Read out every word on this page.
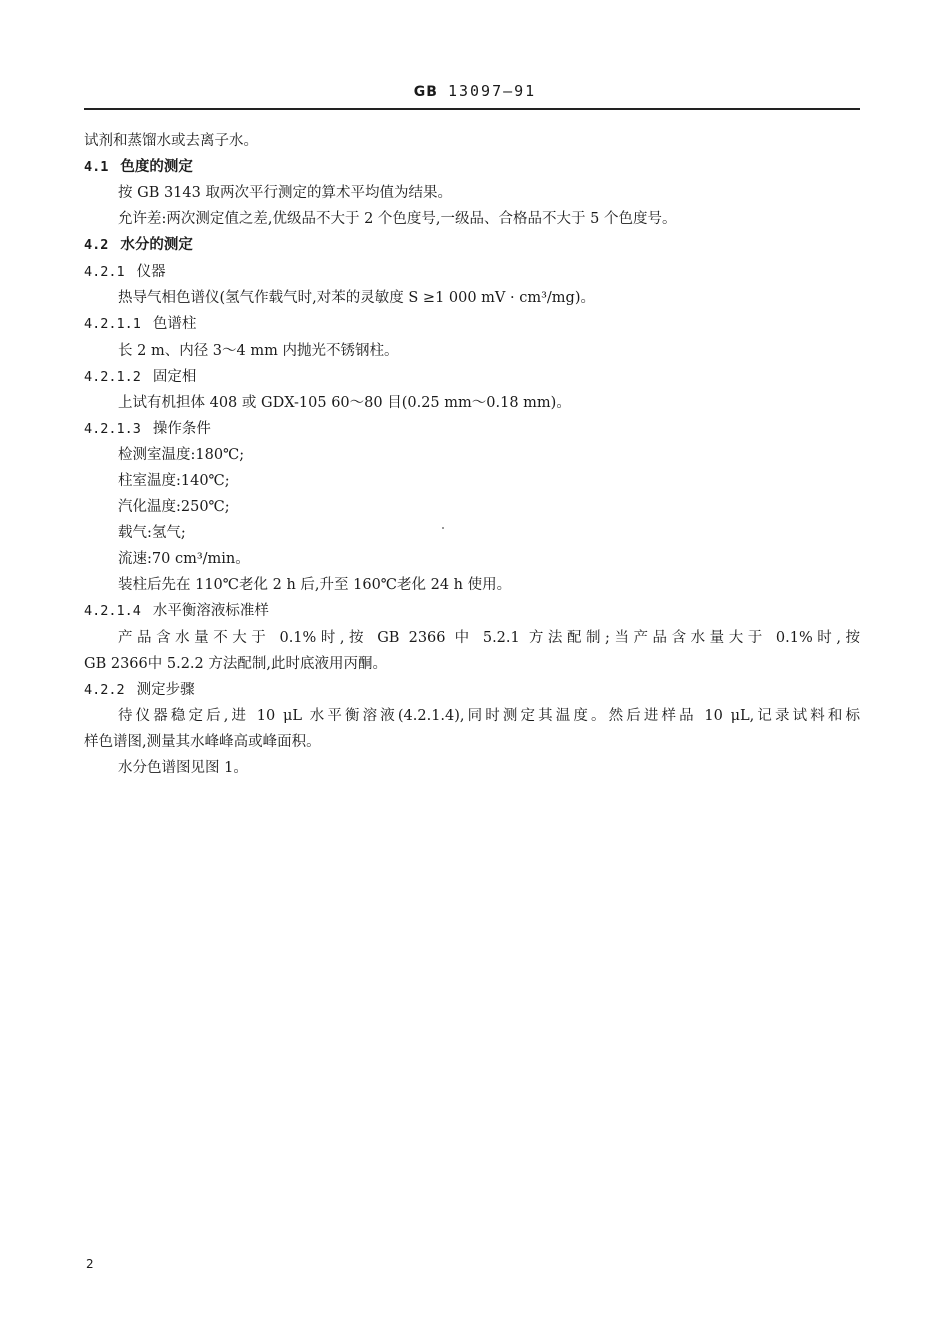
GB 13097—91
试剂和蒸馏水或去离子水。
4.1 色度的测定
按 GB 3143 取两次平行测定的算术平均值为结果。
允许差:两次测定值之差,优级品不大于 2 个色度号,一级品、合格品不大于 5 个色度号。
4.2 水分的测定
4.2.1 仪器
热导气相色谱仪(氢气作载气时,对苯的灵敏度 S ≥1 000 mV · cm³/mg)。
4.2.1.1 色谱柱
长 2 m、内径 3～4 mm 内抛光不锈钢柱。
4.2.1.2 固定相
上试有机担体 408 或 GDX-105 60～80 目(0.25 mm～0.18 mm)。
4.2.1.3 操作条件
检测室温度:180℃;
柱室温度:140℃;
汽化温度:250℃;
载气:氢气;
流速:70 cm³/min。
装柱后先在 110℃老化 2 h 后,升至 160℃老化 24 h 使用。
4.2.1.4 水平衡溶液标准样
产品含水量不大于 0.1%时,按 GB 2366 中 5.2.1 方法配制;当产品含水量大于 0.1%时,按
GB 2366中 5.2.2 方法配制,此时底液用丙酮。
4.2.2 测定步骤
待仪器稳定后,进 10 μL 水平衡溶液(4.2.1.4),同时测定其温度。然后进样品 10 μL,记录试料和标
样色谱图,测量其水峰峰高或峰面积。
水分色谱图见图 1。
2
